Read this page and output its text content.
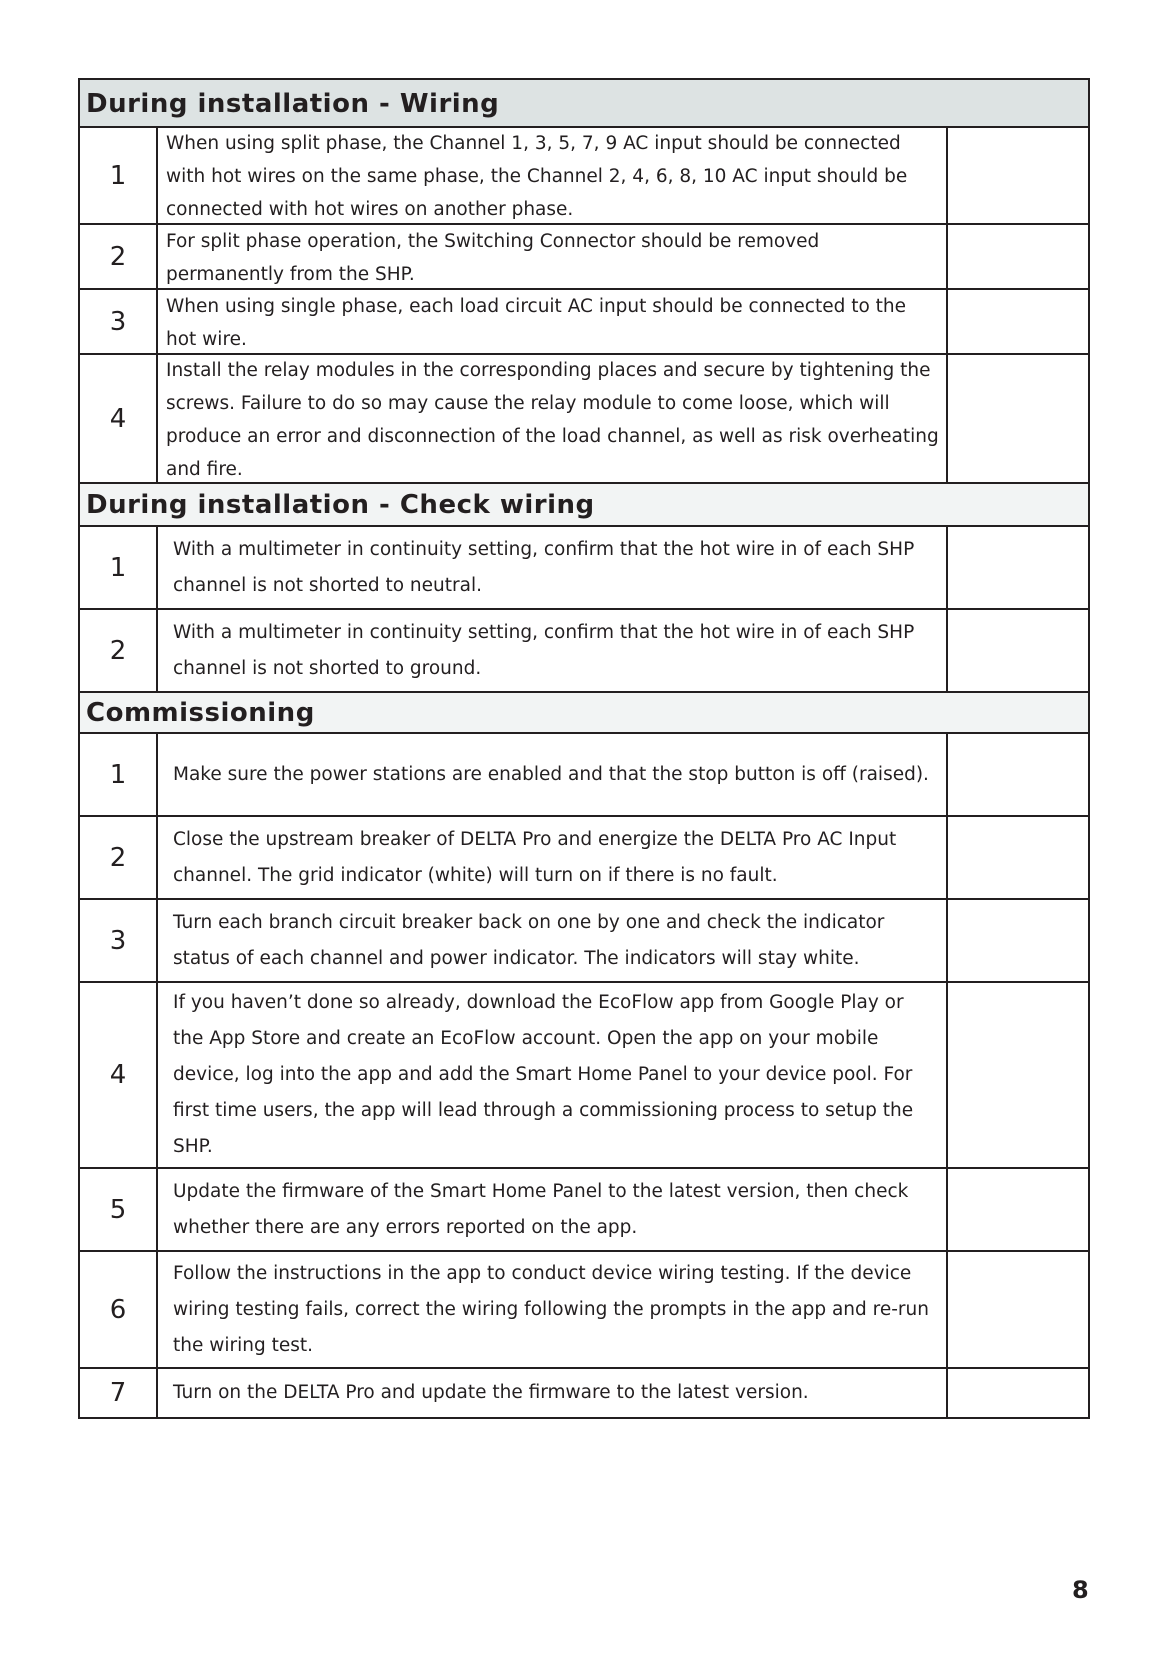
During installation - Wiring
1
When using split phase, the Channel 1, 3, 5, 7, 9 AC input should be connected with hot wires on the same phase, the Channel 2, 4, 6, 8, 10 AC input should be connected with hot wires on another phase.
2
For split phase operation, the Switching Connector should be removed permanently from the SHP.
3
When using single phase, each load circuit AC input should be connected to the hot wire.
4
Install the relay modules in the corresponding places and secure by tightening the screws. Failure to do so may cause the relay module to come loose, which will produce an error and disconnection of the load channel, as well as risk overheating and fire.
During installation - Check wiring
1
With a multimeter in continuity setting, confirm that the hot wire in of each SHP channel is not shorted to neutral.
2
With a multimeter in continuity setting, confirm that the hot wire in of each SHP channel is not shorted to ground.
Commissioning
1	Make sure the power stations are enabled and that the stop button is off (raised).
2
Close the upstream breaker of DELTA Pro and energize the DELTA Pro AC Input channel. The grid indicator (white) will turn on if there is no fault.
3
Turn each branch circuit breaker back on one by one and check the indicator status of each channel and power indicator. The indicators will stay white.
4
If you haven’t done so already, download the EcoFlow app from Google Play or the App Store and create an EcoFlow account. Open the app on your mobile device, log into the app and add the Smart Home Panel to your device pool. For first time users, the app will lead through a commissioning process to setup the SHP.
5
Update the firmware of the Smart Home Panel to the latest version, then check whether there are any errors reported on the app.
6
Follow the instructions in the app to conduct device wiring testing. If the device wiring testing fails, correct the wiring following the prompts in the app and re-run the wiring test.
7	Turn on the DELTA Pro and update the firmware to the latest version.
8
